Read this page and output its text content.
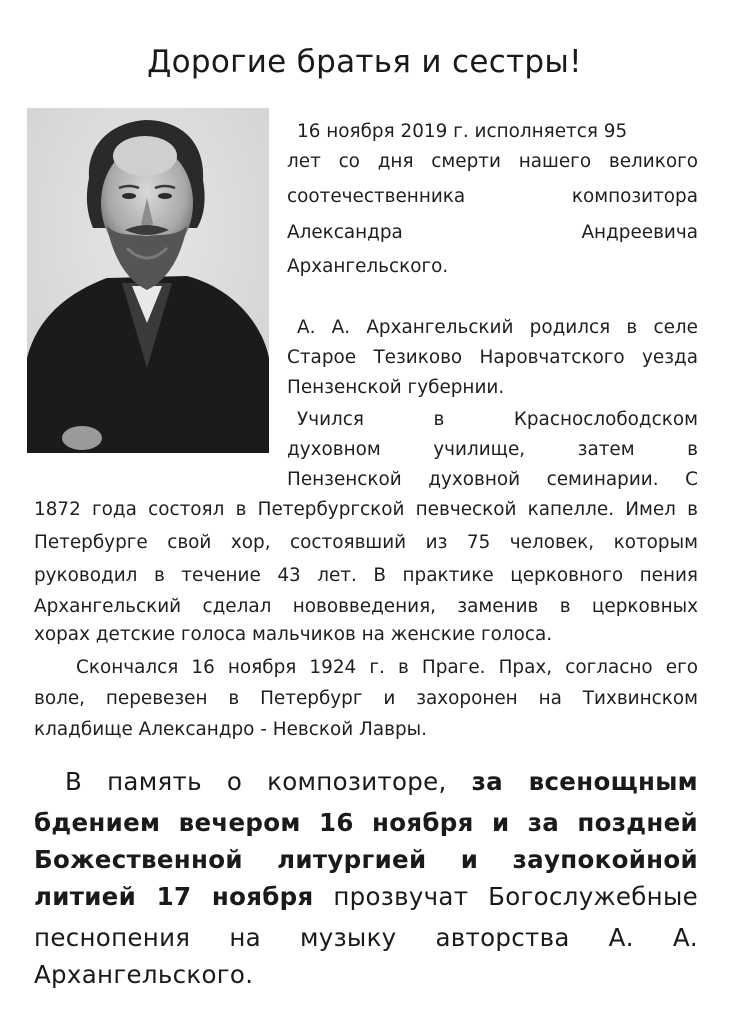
Дорогие братья и сестры!
16 ноября 2019 г. исполняется 95
лет со дня смерти нашего великого
соотечественника композитора
Александра Андреевича
Архангельского.
А. А. Архангельский родился в селе
Старое Тезиково Наровчатского уезда
Пензенской губернии.
Учился в Краснослободском
духовном училище, затем в
Пензенской духовной семинарии. С
1872 года состоял в Петербургской певческой капелле. Имел в
Петербурге свой хор, состоявший из 75 человек, которым
руководил в течение 43 лет. В практике церковного пения
Архангельский сделал нововведения, заменив в церковных
хорах детские голоса мальчиков на женские голоса.
Скончался 16 ноября 1924 г. в Праге. Прах, согласно его
воле, перевезен в Петербург и захоронен на Тихвинском
кладбище Александро - Невской Лавры.
В память о композиторе, за всенощным
бдением вечером 16 ноября и за поздней
Божественной литургией и заупокойной
литией 17 ноября прозвучат Богослужебные
песнопения на музыку авторства А. А.
Архангельского.
